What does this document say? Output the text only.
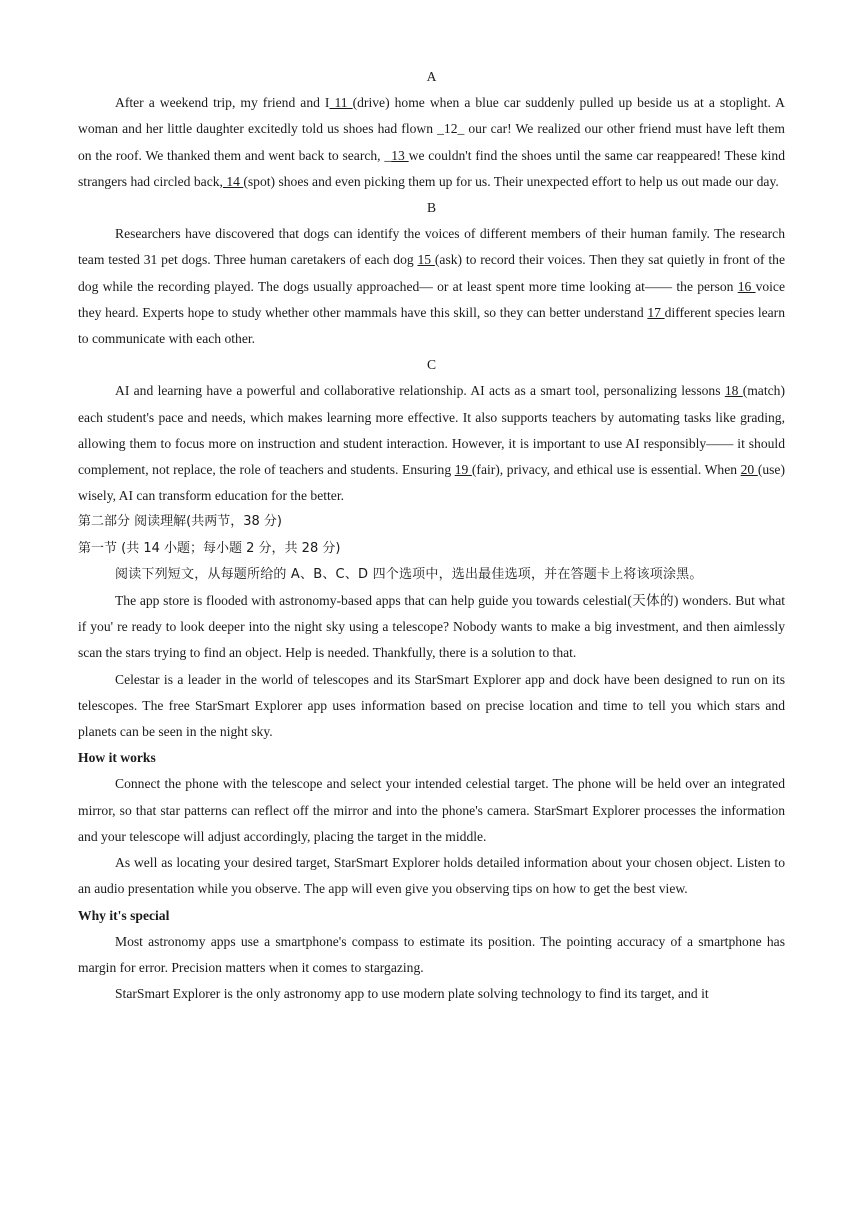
A

After a weekend trip, my friend and I 11 (drive) home when a blue car suddenly pulled up beside us at a stoplight. A woman and her little daughter excitedly told us shoes had flown _12_ our car! We realized our other friend must have left them on the roof. We thanked them and went back to search, _13 we couldn't find the shoes until the same car reappeared! These kind strangers had circled back, 14 (spot) shoes and even picking them up for us. Their unexpected effort to help us out made our day.

B

Researchers have discovered that dogs can identify the voices of different members of their human family. The research team tested 31 pet dogs. Three human caretakers of each dog 15 (ask) to record their voices. Then they sat quietly in front of the dog while the recording played. The dogs usually approached— or at least spent more time looking at—— the person 16 voice they heard. Experts hope to study whether other mammals have this skill, so they can better understand 17 different species learn to communicate with each other.

C

AI and learning have a powerful and collaborative relationship. AI acts as a smart tool, personalizing lessons 18 (match) each student's pace and needs, which makes learning more effective. It also supports teachers by automating tasks like grading, allowing them to focus more on instruction and student interaction. However, it is important to use AI responsibly—— it should complement, not replace, the role of teachers and students. Ensuring 19 (fair), privacy, and ethical use is essential. When 20 (use) wisely, AI can transform education for the better.

第二部分 阅读理解(共两节，38 分)

第一节 (共 14 小题；每小题 2 分，共 28 分)

阅读下列短文，从每题所给的 A、B、C、D 四个选项中，选出最佳选项，并在答题卡上将该项涂黑。

The app store is flooded with astronomy-based apps that can help guide you towards celestial(天体的) wonders. But what if you' re ready to look deeper into the night sky using a telescope? Nobody wants to make a big investment, and then aimlessly scan the stars trying to find an object. Help is needed. Thankfully, there is a solution to that.

Celestar is a leader in the world of telescopes and its StarSmart Explorer app and dock have been designed to run on its telescopes. The free StarSmart Explorer app uses information based on precise location and time to tell you which stars and planets can be seen in the night sky.

How it works

Connect the phone with the telescope and select your intended celestial target. The phone will be held over an integrated mirror, so that star patterns can reflect off the mirror and into the phone's camera. StarSmart Explorer processes the information and your telescope will adjust accordingly, placing the target in the middle.

As well as locating your desired target, StarSmart Explorer holds detailed information about your chosen object. Listen to an audio presentation while you observe. The app will even give you observing tips on how to get the best view.

Why it's special

Most astronomy apps use a smartphone's compass to estimate its position. The pointing accuracy of a smartphone has margin for error. Precision matters when it comes to stargazing.

StarSmart Explorer is the only astronomy app to use modern plate solving technology to find its target, and it
